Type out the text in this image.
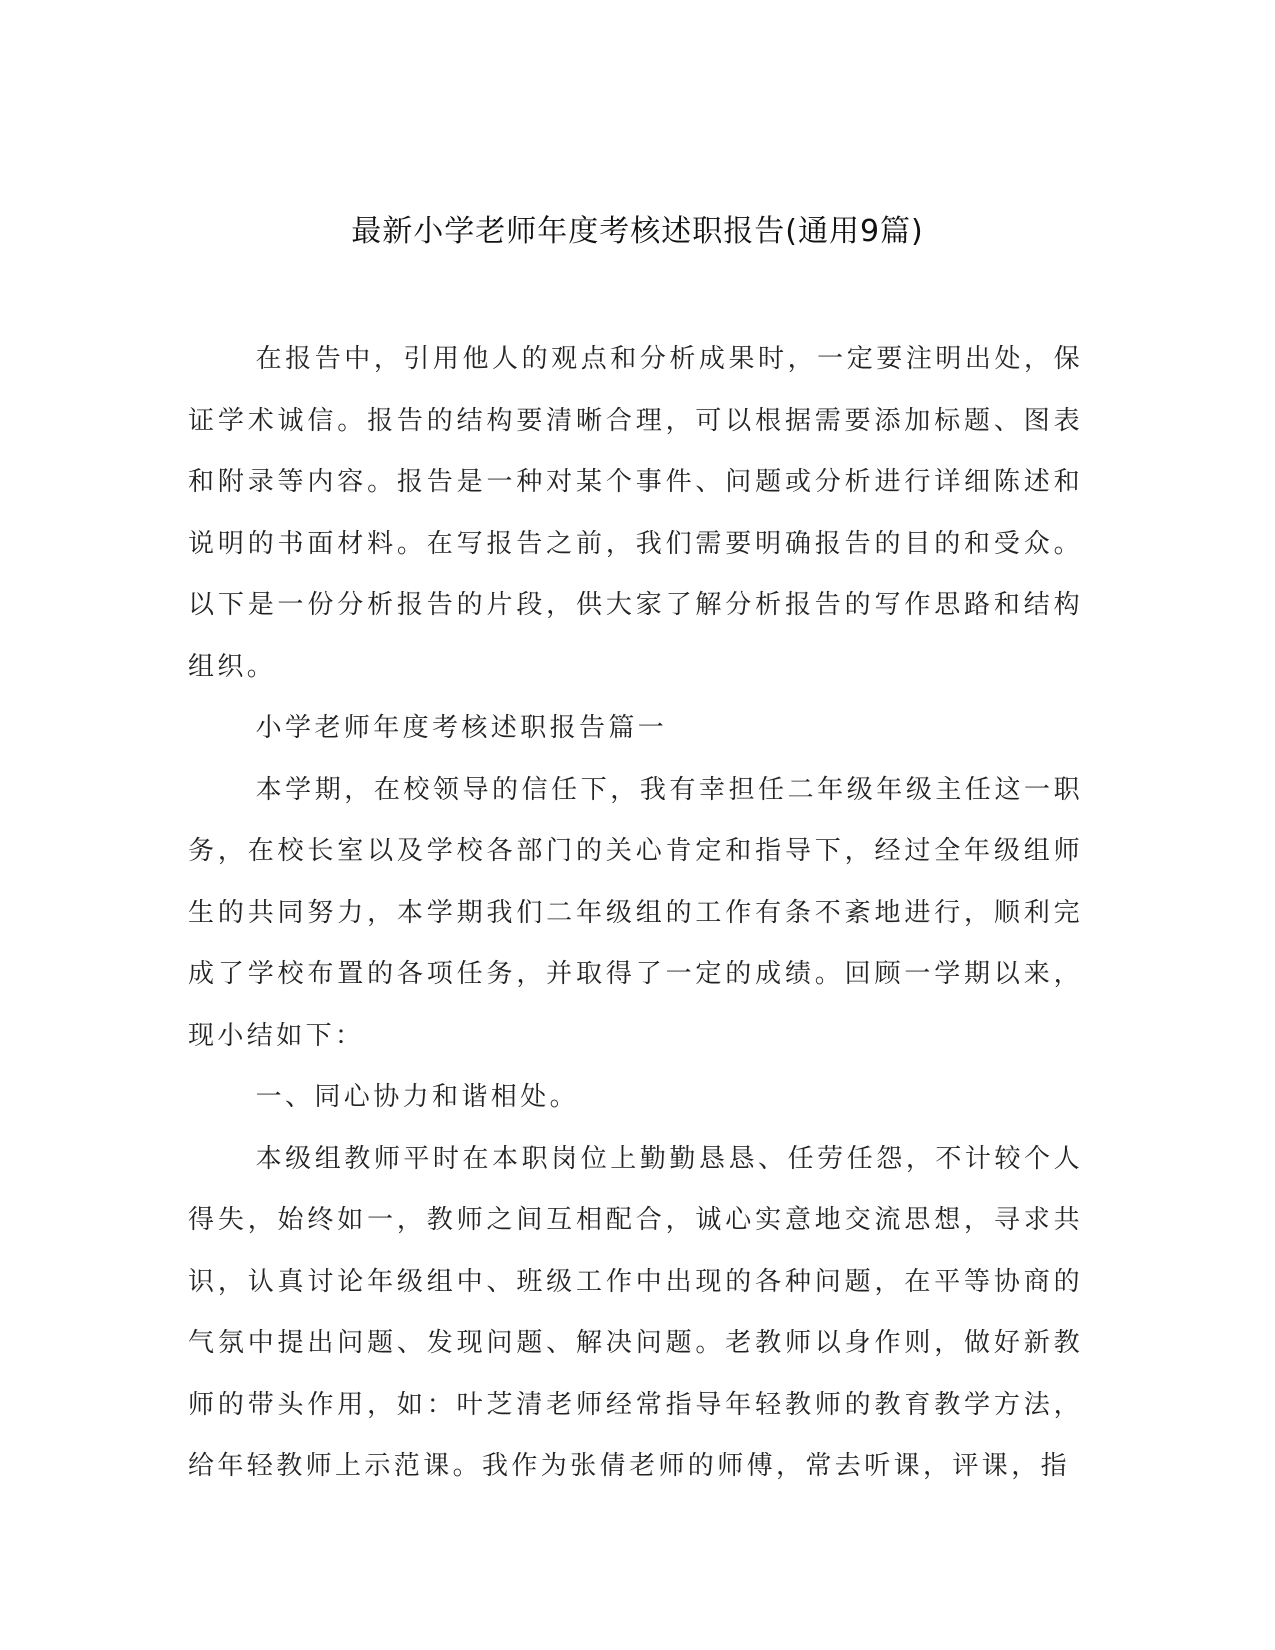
最新小学老师年度考核述职报告(通用9篇)

在报告中，引用他人的观点和分析成果时，一定要注明出处，保证学术诚信。报告的结构要清晰合理，可以根据需要添加标题、图表和附录等内容。报告是一种对某个事件、问题或分析进行详细陈述和说明的书面材料。在写报告之前，我们需要明确报告的目的和受众。以下是一份分析报告的片段，供大家了解分析报告的写作思路和结构组织。

小学老师年度考核述职报告篇一

本学期，在校领导的信任下，我有幸担任二年级年级主任这一职务，在校长室以及学校各部门的关心肯定和指导下，经过全年级组师生的共同努力，本学期我们二年级组的工作有条不紊地进行，顺利完成了学校布置的各项任务，并取得了一定的成绩。回顾一学期以来，现小结如下：

一、同心协力和谐相处。

本级组教师平时在本职岗位上勤勤恳恳、任劳任怨，不计较个人得失，始终如一，教师之间互相配合，诚心实意地交流思想，寻求共识，认真讨论年级组中、班级工作中出现的各种问题，在平等协商的气氛中提出问题、发现问题、解决问题。老教师以身作则，做好新教师的带头作用，如：叶芝清老师经常指导年轻教师的教育教学方法，给年轻教师上示范课。我作为张倩老师的师傅，常去听课，评课，指
